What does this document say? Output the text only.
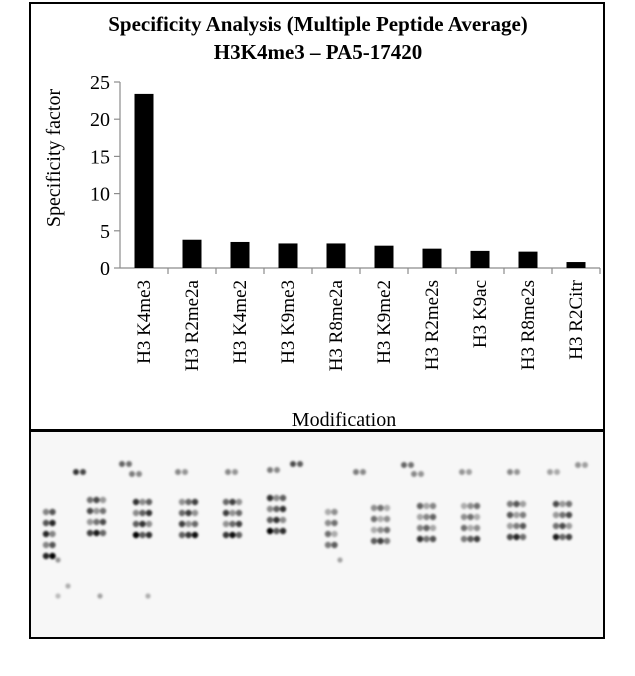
Specificity Analysis (Multiple Peptide Average)
H3K4me3 – PA5-17420
Specificity factor
Modification
0
5
10
15
20
25
H3 K4me3 H3 R2me2a H3 K4me2 H3 K9me3 H3 R8me2a H3 K9me2 H3 R2me2s H3 K9ac H3 R8me2s H3 R2Citr
